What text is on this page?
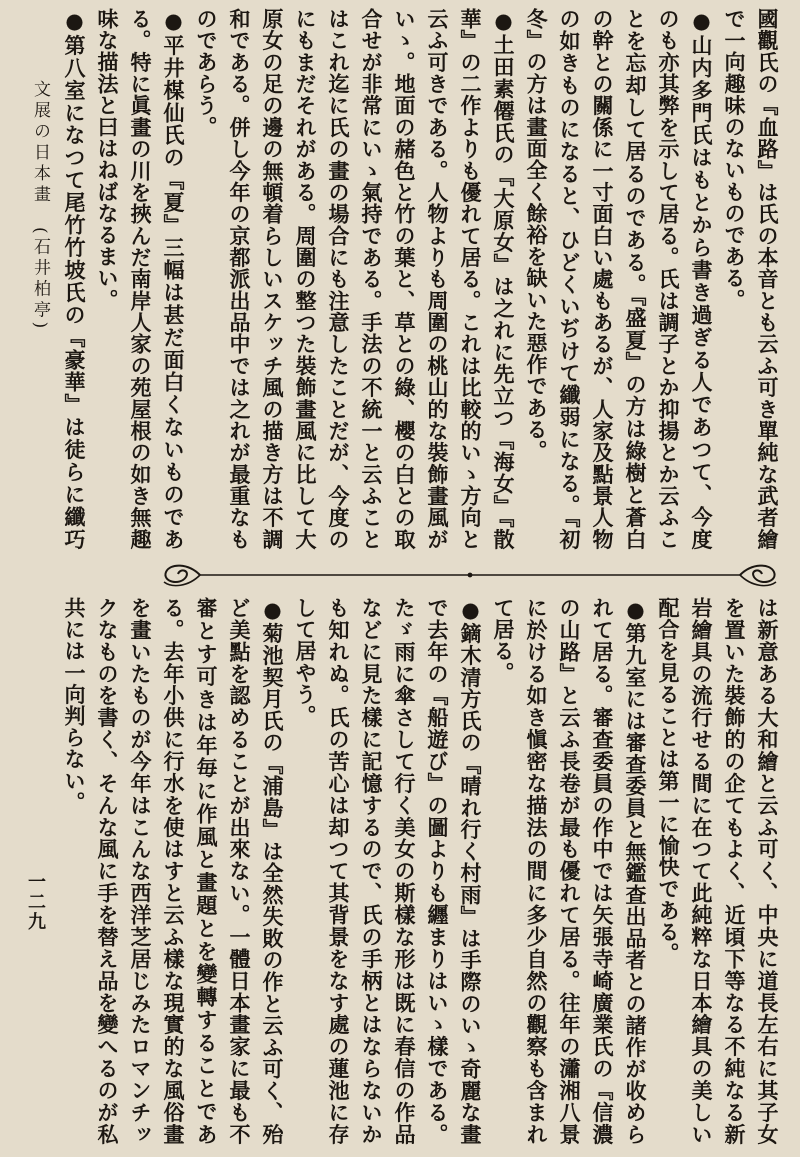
文展の日本畫　(石井柏亭)	國觀氏の『血路』は氏の本音とも云ふ可き單純な武者繪で一向趣味のないものである。

●山内多門氏はもとから書き過ぎる人であつて、今度のも亦其弊を示して居る。氏は調子とか抑揚とか云ふことを忘却して居るのである。『盛夏』の方は綠樹と蒼白の幹との關係に一寸面白い處もあるが、人家及點景人物の如きものになると、ひどくいぢけて纖弱になる。『初冬』の方は畫面全く餘裕を缺いた惡作である。

●土田素僊氏の『大原女』は之れに先立つ『海女』『散華』の二作よりも優れて居る。これは比較的いゝ方向と云ふ可きである。人物よりも周圍の桃山的な裝飾畫風がいゝ。地面の赭色と竹の葉と、草との綠、櫻の白との取合せが非常にいゝ氣持である。手法の不統一と云ふことはこれ迄に氏の畫の場合にも注意したことだが、今度のにもまだそれがある。周圍の整つた裝飾畫風に比して大原女の足の邊の無頓着らしいスケッチ風の描き方は不調和である。併し今年の京都派出品中では之れが最重なものであらう。

●平井楳仙氏の『夏』三幅は甚だ面白くないものである。特に眞畫の川を挾んだ南岸人家の苑屋根の如き無趣味な描法と曰はねばなるまい。

●第八室になつて尾竹竹坡氏の『豪華』は徒らに纖巧

は新意ある大和繪と云ふ可く、中央に道長左右に其子女を置いた裝飾的の企てもよく、近頃下等なる不純なる新岩繪具の流行せる間に在つて此純粹な日本繪具の美しい配合を見ることは第一に愉快である。

●第九室には審查委員と無鑑查出品者との諸作が收められて居る。審查委員の作中では矢張寺崎廣業氏の『信濃の山路』と云ふ長卷が最も優れて居る。往年の瀟湘八景に於ける如き愼密な描法の間に多少自然の觀察も含まれて居る。

●鏑木清方氏の『晴れ行く村雨』は手際のいゝ奇麗な畫で去年の『船遊び』の圖よりも纒まりはいゝ樣である。たゞ雨に傘さして行く美女の斯樣な形は既に春信の作品などに見た樣に記憶するので、氏の手柄とはならないかも知れぬ。氏の苦心は却つて其背景をなす處の蓮池に存して居やう。

●菊池契月氏の『浦島』は全然失敗の作と云ふ可く、殆ど美點を認めることが出來ない。一體日本畫家に最も不審とす可きは年毎に作風と畫題とを變轉することである。去年小供に行水を使はすと云ふ樣な現實的な風俗畫を畫いたものが今年はこんな西洋芝居じみたロマンチックなものを書く、そんな風に手を替え品を變へるのが私共には一向判らない。

一二九
